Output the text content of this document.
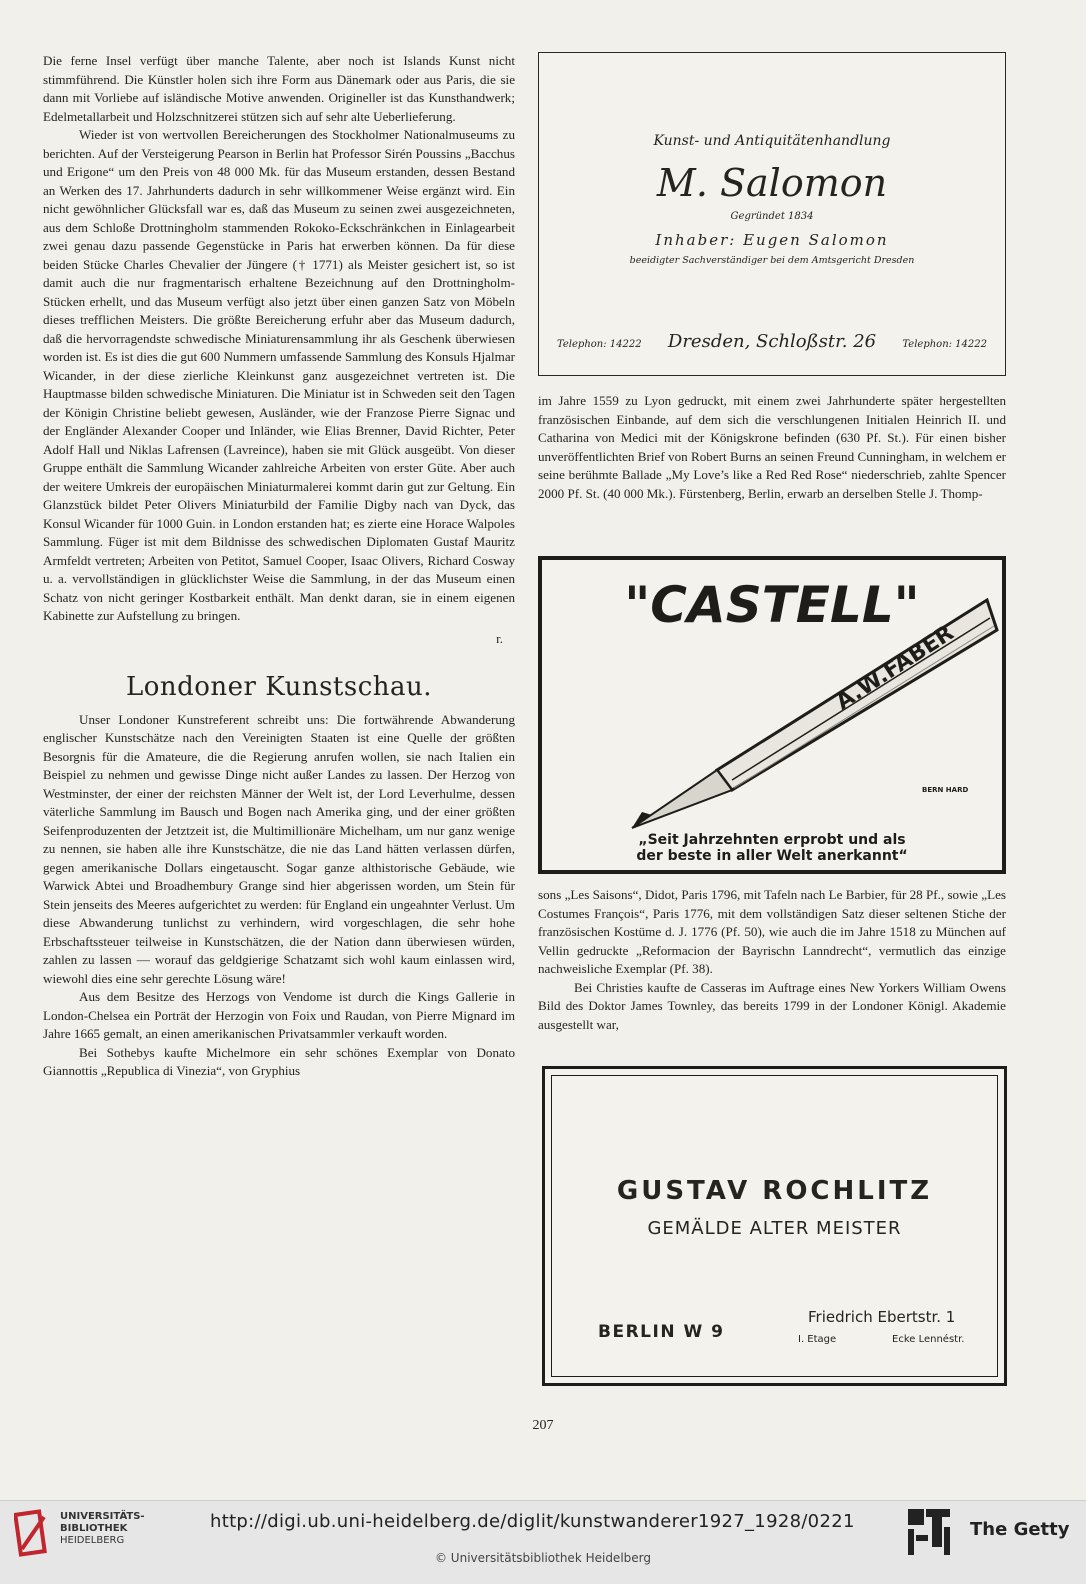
Die ferne Insel verfügt über manche Talente, aber noch ist Islands Kunst nicht stimmführend. Die Künstler holen sich ihre Form aus Dänemark oder aus Paris, die sie dann mit Vorliebe auf isländische Motive anwenden. Origineller ist das Kunsthandwerk; Edelmetallarbeit und Holzschnitzerei stützen sich auf sehr alte Ueberlieferung.

Wieder ist von wertvollen Bereicherungen des Stockholmer Nationalmuseums zu berichten. Auf der Versteigerung Pearson in Berlin hat Professor Sirén Poussins „Bacchus und Erigone“ um den Preis von 48 000 Mk. für das Museum erstanden, dessen Bestand an Werken des 17. Jahrhunderts dadurch in sehr willkommener Weise ergänzt wird. Ein nicht gewöhnlicher Glücksfall war es, daß das Museum zu seinen zwei ausgezeichneten, aus dem Schloße Drottningholm stammenden Rokoko-Eckschränkchen in Einlagearbeit zwei genau dazu passende Gegenstücke in Paris hat erwerben können. Da für diese beiden Stücke Charles Chevalier der Jüngere († 1771) als Meister gesichert ist, so ist damit auch die nur fragmentarisch erhaltene Bezeichnung auf den Drottningholm-Stücken erhellt, und das Museum verfügt also jetzt über einen ganzen Satz von Möbeln dieses trefflichen Meisters. Die größte Bereicherung erfuhr aber das Museum dadurch, daß die hervorragendste schwedische Miniaturensammlung ihr als Geschenk überwiesen worden ist. Es ist dies die gut 600 Nummern umfassende Sammlung des Konsuls Hjalmar Wicander, in der diese zierliche Kleinkunst ganz ausgezeichnet vertreten ist. Die Hauptmasse bilden schwedische Miniaturen. Die Miniatur ist in Schweden seit den Tagen der Königin Christine beliebt gewesen, Ausländer, wie der Franzose Pierre Signac und der Engländer Alexander Cooper und Inländer, wie Elias Brenner, David Richter, Peter Adolf Hall und Niklas Lafrensen (Lavreince), haben sie mit Glück ausgeübt. Von dieser Gruppe enthält die Sammlung Wicander zahlreiche Arbeiten von erster Güte. Aber auch der weitere Umkreis der europäischen Miniaturmalerei kommt darin gut zur Geltung. Ein Glanzstück bildet Peter Olivers Miniaturbild der Familie Digby nach van Dyck, das Konsul Wicander für 1000 Guin. in London erstanden hat; es zierte eine Horace Walpoles Sammlung. Füger ist mit dem Bildnisse des schwedischen Diplomaten Gustaf Mauritz Armfeldt vertreten; Arbeiten von Petitot, Samuel Cooper, Isaac Olivers, Richard Cosway u. a. vervollständigen in glücklichster Weise die Sammlung, in der das Museum einen Schatz von nicht geringer Kostbarkeit enthält. Man denkt daran, sie in einem eigenen Kabinette zur Aufstellung zu bringen.

r.

Londoner Kunstschau.

Unser Londoner Kunstreferent schreibt uns: Die fortwährende Abwanderung englischer Kunstschätze nach den Vereinigten Staaten ist eine Quelle der größten Besorgnis für die Amateure, die die Regierung anrufen wollen, sie nach Italien ein Beispiel zu nehmen und gewisse Dinge nicht außer Landes zu lassen. Der Herzog von Westminster, der einer der reichsten Männer der Welt ist, der Lord Leverhulme, dessen väterliche Sammlung im Bausch und Bogen nach Amerika ging, und der einer größten Seifenproduzenten der Jetztzeit ist, die Multimillionäre Michelham, um nur ganz wenige zu nennen, sie haben alle ihre Kunstschätze, die nie das Land hätten verlassen dürfen, gegen amerikanische Dollars eingetauscht. Sogar ganze althistorische Gebäude, wie Warwick Abtei und Broadhembury Grange sind hier abgerissen worden, um Stein für Stein jenseits des Meeres aufgerichtet zu werden: für England ein ungeahnter Verlust. Um diese Abwanderung tunlichst zu verhindern, wird vorgeschlagen, die sehr hohe Erbschaftssteuer teilweise in Kunstschätzen, die der Nation dann überwiesen würden, zahlen zu lassen — worauf das geldgierige Schatzamt sich wohl kaum einlassen wird, wiewohl dies eine sehr gerechte Lösung wäre!

Aus dem Besitze des Herzogs von Vendome ist durch die Kings Gallerie in London-Chelsea ein Porträt der Herzogin von Foix und Raudan, von Pierre Mignard im Jahre 1665 gemalt, an einen amerikanischen Privatsammler verkauft worden.

Bei Sothebys kaufte Michelmore ein sehr schönes Exemplar von Donato Giannottis „Republica di Vinezia“, von Gryphius

Kunst- und Antiquitätenhandlung
M. Salomon
Gegründet 1834
Inhaber: Eugen Salomon
beeidigter Sachverständiger bei dem Amtsgericht Dresden
Telephon: 14222 Dresden, Schloßstr. 26	Telephon: 14222

im Jahre 1559 zu Lyon gedruckt, mit einem zwei Jahrhunderte später hergestellten französischen Einbande, auf dem sich die verschlungenen Initialen Heinrich II. und Catharina von Medici mit der Königskrone befinden (630 Pf. St.). Für einen bisher unveröffentlichten Brief von Robert Burns an seinen Freund Cunningham, in welchem er seine berühmte Ballade „My Love’s like a Red Red Rose“ niederschrieb, zahlte Spencer 2000 Pf. St. (40 000 Mk.). Fürstenberg, Berlin, erwarb an derselben Stelle J. Thomp-

"CASTELL"
A.W.FABER
BERN HARD
„Seit Jahrzehnten erprobt und als
der beste in aller Welt anerkannt“

sons „Les Saisons“, Didot, Paris 1796, mit Tafeln nach Le Barbier, für 28 Pf., sowie „Les Costumes François“, Paris 1776, mit dem vollständigen Satz dieser seltenen Stiche der französischen Kostüme d. J. 1776 (Pf. 50), wie auch die im Jahre 1518 zu München auf Vellin gedruckte „Reformacion der Bayrischn Lanndrecht“, vermutlich das einzige nachweisliche Exemplar (Pf. 38).

Bei Christies kaufte de Casseras im Auftrage eines New Yorkers William Owens Bild des Doktor James Townley, das bereits 1799 in der Londoner Königl. Akademie ausgestellt war,

GUSTAV ROCHLITZ
GEMÄLDE ALTER MEISTER
BERLIN W 9
Friedrich Ebertstr. 1
I. Etage	Ecke Lennéstr.
207
UNIVERSITÄTS-
BIBLIOTHEK
HEIDELBERG
http://digi.ub.uni-heidelberg.de/diglit/kunstwanderer1927_1928/0221
© Universitätsbibliothek Heidelberg
The Getty
